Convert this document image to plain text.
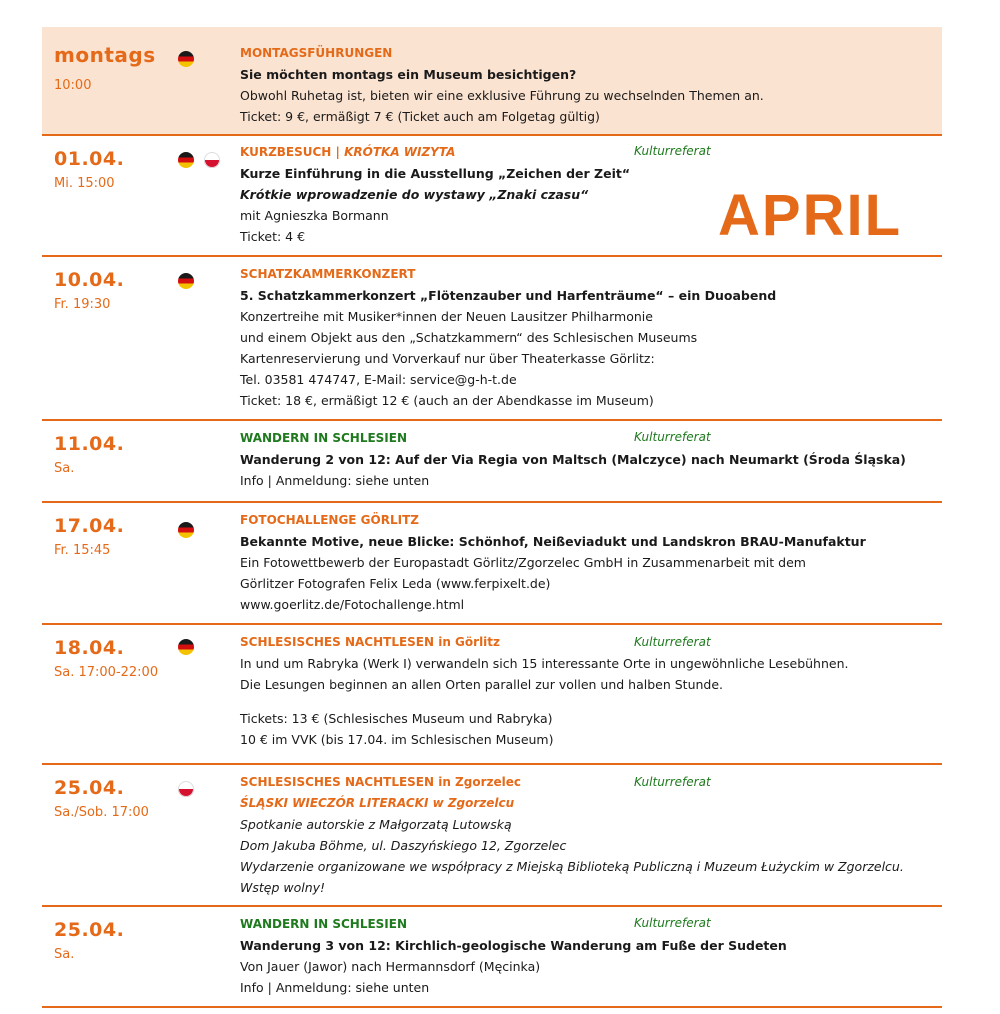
montags
10:00
MONTAGSFÜHRUNGEN
Sie möchten montags ein Museum besichtigen?
Obwohl Ruhetag ist, bieten wir eine exklusive Führung zu wechselnden Themen an.
Ticket: 9 €, ermäßigt 7 € (Ticket auch am Folgetag gültig)
APRIL
01.04.
Mi. 15:00
Kulturreferat
KURZBESUCH | KRÓTKA WIZYTA
Kurze Einführung in die Ausstellung „Zeichen der Zeit“
Krótkie wprowadzenie do wystawy „Znaki czasu“
mit Agnieszka Bormann
Ticket: 4 €
10.04.
Fr. 19:30
SCHATZKAMMERKONZERT
5. Schatzkammerkonzert „Flötenzauber und Harfenträume“ – ein Duoabend
Konzertreihe mit Musiker*innen der Neuen Lausitzer Philharmonie
und einem Objekt aus den „Schatzkammern“ des Schlesischen Museums
Kartenreservierung und Vorverkauf nur über Theaterkasse Görlitz:
Tel. 03581 474747, E-Mail: service@g-h-t.de
Ticket: 18 €, ermäßigt 12 € (auch an der Abendkasse im Museum)
11.04.
Sa.
Kulturreferat
WANDERN IN SCHLESIEN
Wanderung 2 von 12: Auf der Via Regia von Maltsch (Malczyce) nach Neumarkt (Środa Śląska)
Info | Anmeldung: siehe unten
17.04.
Fr. 15:45
FOTOCHALLENGE GÖRLITZ
Bekannte Motive, neue Blicke: Schönhof, Neißeviadukt und Landskron BRAU-Manufaktur
Ein Fotowettbewerb der Europastadt Görlitz/Zgorzelec GmbH in Zusammenarbeit mit dem
Görlitzer Fotografen Felix Leda (www.ferpixelt.de)
www.goerlitz.de/Fotochallenge.html
18.04.
Sa. 17:00-22:00
Kulturreferat
SCHLESISCHES NACHTLESEN in Görlitz
In und um Rabryka (Werk I) verwandeln sich 15 interessante Orte in ungewöhnliche Lesebühnen.
Die Lesungen beginnen an allen Orten parallel zur vollen und halben Stunde.
Tickets: 13 € (Schlesisches Museum und Rabryka)
10 € im VVK (bis 17.04. im Schlesischen Museum)
25.04.
Sa./Sob. 17:00
Kulturreferat
SCHLESISCHES NACHTLESEN in Zgorzelec
ŚLĄSKI WIECZÓR LITERACKI w Zgorzelcu
Spotkanie autorskie z Małgorzatą Lutowską
Dom Jakuba Böhme, ul. Daszyńskiego 12, Zgorzelec
Wydarzenie organizowane we współpracy z Miejską Biblioteką Publiczną i Muzeum Łużyckim w Zgorzelcu.
Wstęp wolny!
25.04.
Sa.
Kulturreferat
WANDERN IN SCHLESIEN
Wanderung 3 von 12: Kirchlich-geologische Wanderung am Fuße der Sudeten
Von Jauer (Jawor) nach Hermannsdorf (Męcinka)
Info | Anmeldung: siehe unten
